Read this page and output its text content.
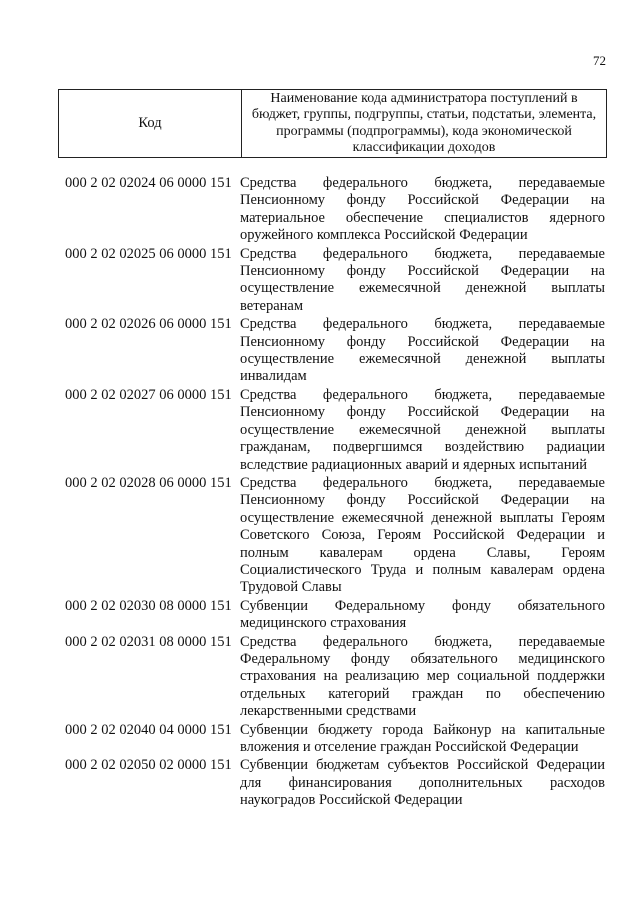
72
Код
Наименование кода администратора поступлений в бюджет, группы, подгруппы, статьи, подстатьи, элемента, программы (подпрограммы), кода экономической классификации доходов
000 2 02 02024 06 0000 151 Средства федерального бюджета, передаваемые Пенсионному фонду Российской Федерации на материальное обеспечение специалистов ядерного оружейного комплекса Российской Федерации
000 2 02 02025 06 0000 151 Средства федерального бюджета, передаваемые Пенсионному фонду Российской Федерации на осуществление ежемесячной денежной выплаты ветеранам
000 2 02 02026 06 0000 151 Средства федерального бюджета, передаваемые Пенсионному фонду Российской Федерации на осуществление ежемесячной денежной выплаты инвалидам
000 2 02 02027 06 0000 151 Средства федерального бюджета, передаваемые Пенсионному фонду Российской Федерации на осуществление ежемесячной денежной выплаты гражданам, подвергшимся воздействию радиации вследствие радиационных аварий и ядерных испытаний
000 2 02 02028 06 0000 151 Средства федерального бюджета, передаваемые Пенсионному фонду Российской Федерации на осуществление ежемесячной денежной выплаты Героям Советского Союза, Героям Российской Федерации и полным кавалерам ордена Славы, Героям Социалистического Труда и полным кавалерам ордена Трудовой Славы
000 2 02 02030 08 0000 151 Субвенции Федеральному фонду обязательного медицинского страхования
000 2 02 02031 08 0000 151 Средства федерального бюджета, передаваемые Федеральному фонду обязательного медицинского страхования на реализацию мер социальной поддержки отдельных категорий граждан по обеспечению лекарственными средствами
000 2 02 02040 04 0000 151 Субвенции бюджету города Байконур на капитальные вложения и отселение граждан Российской Федерации
000 2 02 02050 02 0000 151 Субвенции бюджетам субъектов Российской Федерации для финансирования дополнительных расходов наукоградов Российской Федерации
